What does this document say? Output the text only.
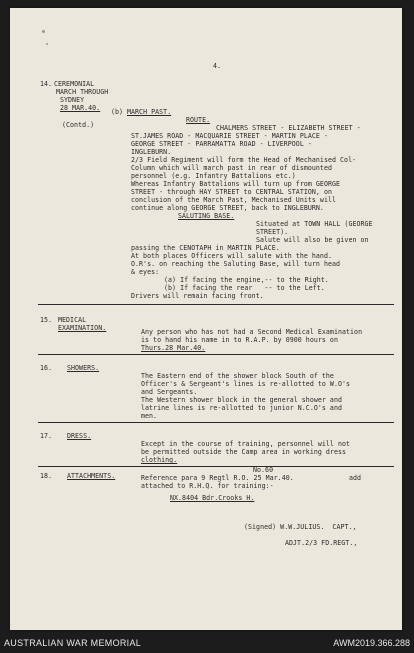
4.
14. CEREMONIAL
MARCH THROUGH
SYDNEY
28 MAR.40.
(Contd.)
(b) MARCH PAST.
ROUTE.
CHALMERS STREET - ELIZABETH STREET -
ST.JAMES ROAD - MACQUARIE STREET - MARTIN PLACE -
GEORGE STREET - PARRAMATTA ROAD - LIVERPOOL -
INGLEBURN.
2/3 Field Regiment will form the Head of Mechanised Col-
Column which will march past in rear of dismounted
personnel (e.g. Infantry Battalions etc.)
Whereas Infantry Battalions will turn up from GEORGE
STREET - through HAY STREET to CENTRAL STATION, on
conclusion of the March Past, Mechanised Units will
continue along GEORGE STREET, back to INGLEBURN.
SALUTING BASE.
Situated at TOWN HALL (GEORGE
STREET).
Salute will also be given on
passing the CENOTAPH in MARTIN PLACE.
At both places Officers will salute with the hand.
O.R's. on reaching the Saluting Base, will turn head
& eyes:
(a) If facing the engine,-- to the Right.
(b) If facing the rear   -- to the Left.
Drivers will remain facing front.
15. MEDICAL
EXAMINATION.	Any person who has not had a Second Medical Examination
is to hand his name in to R.A.P. by 0900 hours on
Thurs.28 Mar.40.
16. SHOWERS.
The Eastern end of the shower block South of the
Officer's & Sergeant's lines is re-allotted to W.O's
and Sergeants.
The Western shower block in the general shower and
latrine lines is re-allotted to junior N.C.O's and
men.
17. DRESS.
Except in the course of training, personnel will not
be permitted outside the Camp area in working dress
clothing.
18. ATTACHMENTS.
No.60
Reference para 9 Regtl R.O. 25 Mar.40.	add
attached to R.H.Q. for training:-
NX.8404 Bdr.Crooks H.
(Signed) W.W.JULIUS.  CAPT.,
ADJT.2/3 FD.REGT.,
AUSTRALIAN WAR MEMORIAL	AWM2019.366.288
